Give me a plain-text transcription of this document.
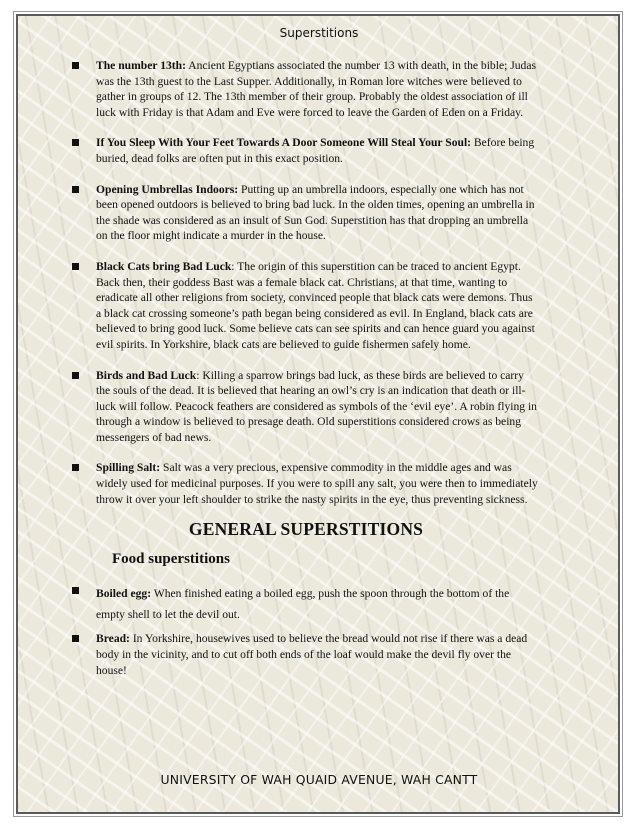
Superstitions
The number 13th: Ancient Egyptians associated the number 13 with death, in the bible; Judas was the 13th guest to the Last Supper. Additionally, in Roman lore witches were believed to gather in groups of 12. The 13th member of their group. Probably the oldest association of ill luck with Friday is that Adam and Eve were forced to leave the Garden of Eden on a Friday.
If You Sleep With Your Feet Towards A Door Someone Will Steal Your Soul: Before being buried, dead folks are often put in this exact position.
Opening Umbrellas Indoors: Putting up an umbrella indoors, especially one which has not been opened outdoors is believed to bring bad luck. In the olden times, opening an umbrella in the shade was considered as an insult of Sun God. Superstition has that dropping an umbrella on the floor might indicate a murder in the house.
Black Cats bring Bad Luck: The origin of this superstition can be traced to ancient Egypt. Back then, their goddess Bast was a female black cat. Christians, at that time, wanting to eradicate all other religions from society, convinced people that black cats were demons. Thus a black cat crossing someone’s path began being considered as evil. In England, black cats are believed to bring good luck. Some believe cats can see spirits and can hence guard you against evil spirits. In Yorkshire, black cats are believed to guide fishermen safely home.
Birds and Bad Luck: Killing a sparrow brings bad luck, as these birds are believed to carry the souls of the dead. It is believed that hearing an owl’s cry is an indication that death or ill-luck will follow. Peacock feathers are considered as symbols of the ‘evil eye’. A robin flying in through a window is believed to presage death. Old superstitions considered crows as being messengers of bad news.
Spilling Salt: Salt was a very precious, expensive commodity in the middle ages and was widely used for medicinal purposes. If you were to spill any salt, you were then to immediately throw it over your left shoulder to strike the nasty spirits in the eye, thus preventing sickness.
GENERAL SUPERSTITIONS
Food superstitions
Boiled egg: When finished eating a boiled egg, push the spoon through the bottom of the empty shell to let the devil out.
Bread: In Yorkshire, housewives used to believe the bread would not rise if there was a dead body in the vicinity, and to cut off both ends of the loaf would make the devil fly over the house!
UNIVERSITY OF WAH QUAID AVENUE, WAH CANTT
